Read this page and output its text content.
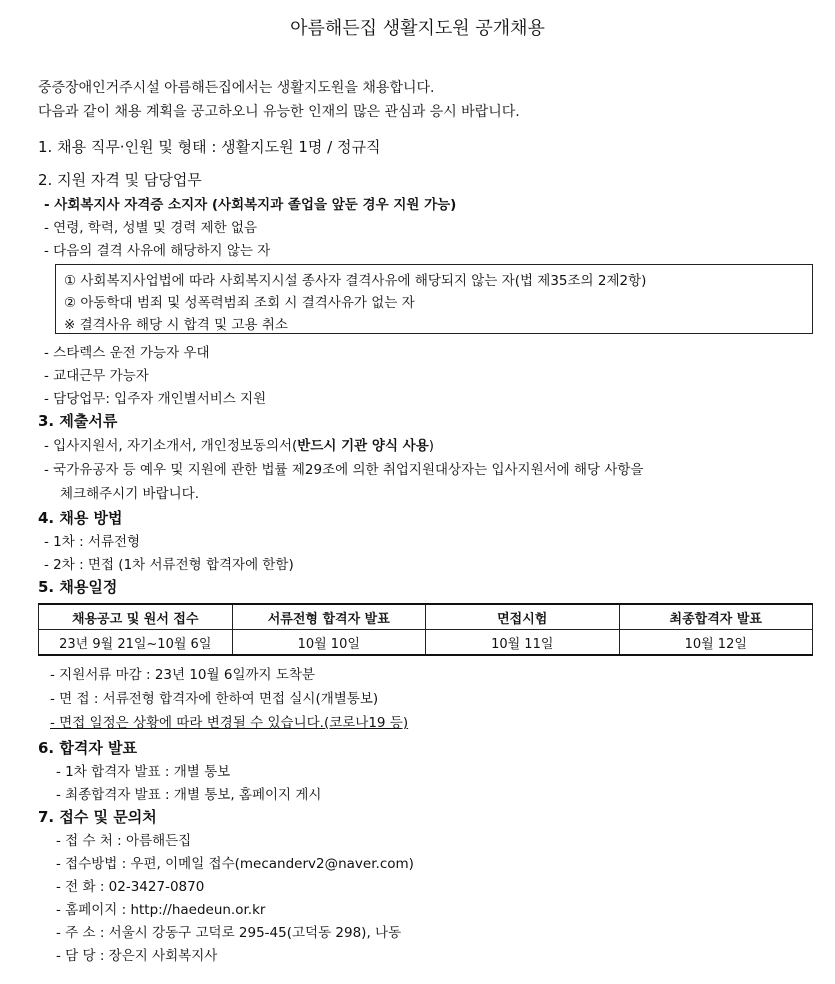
아름해든집 생활지도원 공개채용
중증장애인거주시설 아름해든집에서는 생활지도원을 채용합니다.
다음과 같이 채용 계획을 공고하오니 유능한 인재의 많은 관심과 응시 바랍니다.
1. 채용 직무·인원 및 형태 : 생활지도원 1명 / 정규직
2. 지원 자격 및 담당업무
- 사회복지사 자격증 소지자 (사회복지과 졸업을 앞둔 경우 지원 가능)
- 연령, 학력, 성별 및 경력 제한 없음
- 다음의 결격 사유에 해당하지 않는 자
① 사회복지사업법에 따라 사회복지시설 종사자 결격사유에 해당되지 않는 자(법 제35조의 2제2항)
② 아동학대 범죄 및 성폭력범죄 조회 시 결격사유가 없는 자
※ 결격사유 해당 시 합격 및 고용 취소
- 스타렉스 운전 가능자 우대
- 교대근무 가능자
- 담당업무: 입주자 개인별서비스 지원
3. 제출서류
- 입사지원서, 자기소개서, 개인정보동의서(반드시 기관 양식 사용)
- 국가유공자 등 예우 및 지원에 관한 법률 제29조에 의한 취업지원대상자는 입사지원서에 해당 사항을
체크해주시기 바랍니다.
4. 채용 방법
- 1차 : 서류전형
- 2차 : 면접 (1차 서류전형 합격자에 한함)
5. 채용일정
채용공고 및 원서 접수	서류전형 합격자 발표	면접시험	최종합격자 발표
23년 9월 21일~10월 6일	10월 10일	10월 11일	10월 12일
- 지원서류 마감 : 23년 10월 6일까지 도착분
- 면 접 : 서류전형 합격자에 한하여 면접 실시(개별통보)
- 면접 일정은 상황에 따라 변경될 수 있습니다.(코로나19 등)
6. 합격자 발표
- 1차 합격자 발표 : 개별 통보
- 최종합격자 발표 : 개별 통보, 홈페이지 게시
7. 접수 및 문의처
- 접 수 처 : 아름해든집
- 접수방법 : 우편, 이메일 접수(mecanderv2@naver.com)
- 전 화 : 02-3427-0870
- 홈페이지 : http://haedeun.or.kr
- 주 소 : 서울시 강동구 고덕로 295-45(고덕동 298), 나동
- 담 당 : 장은지 사회복지사
